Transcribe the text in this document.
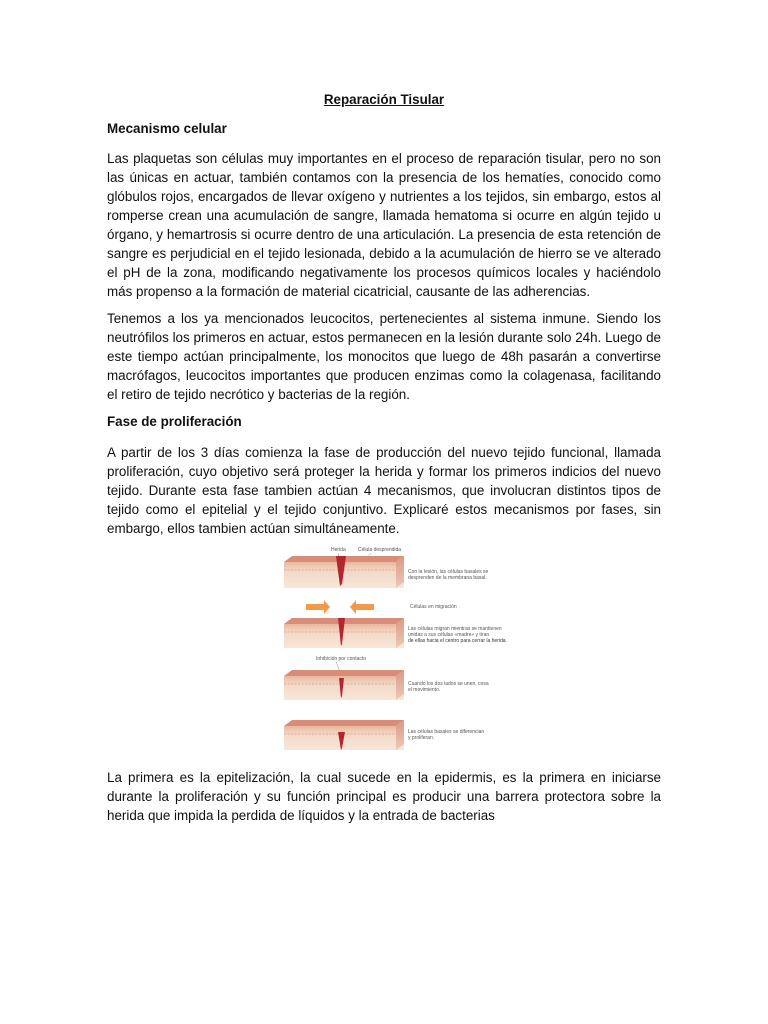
Reparación Tisular
Mecanismo celular

Las plaquetas son células muy importantes en el proceso de reparación tisular, pero no son las únicas en actuar, también contamos con la presencia de los hematíes, conocido como glóbulos rojos, encargados de llevar oxígeno y nutrientes a los tejidos, sin embargo, estos al romperse crean una acumulación de sangre, llamada hematoma si ocurre en algún tejido u órgano, y hemartrosis si ocurre dentro de una articulación. La presencia de esta retención de sangre es perjudicial en el tejido lesionada, debido a la acumulación de hierro se ve alterado el pH de la zona, modificando negativamente los procesos químicos locales y haciéndolo más propenso a la formación de material cicatricial, causante de las adherencias.

Tenemos a los ya mencionados leucocitos, pertenecientes al sistema inmune. Siendo los neutrófilos los primeros en actuar, estos permanecen en la lesión durante solo 24h. Luego de este tiempo actúan principalmente, los monocitos que luego de 48h pasarán a convertirse macrófagos, leucocitos importantes que producen enzimas como la colagenasa, facilitando el retiro de tejido necrótico y bacterias de la región.

Fase de proliferación

A partir de los 3 días comienza la fase de producción del nuevo tejido funcional, llamada proliferación, cuyo objetivo será proteger la herida y formar los primeros indicios del nuevo tejido. Durante esta fase tambien actúan 4 mecanismos, que involucran distintos tipos de tejido como el epitelial y el tejido conjuntivo. Explicaré estos mecanismos por fases, sin embargo, ellos tambien actúan simultáneamente.

Herida Célula desprendida
Con la lesión, las células basales se
desprenden de la membrana basal.
Células en migración
Las células migran mientras se mantienen
unidas a sus células «madre» y tiran
de ellas hacia el centro para cerrar la herida.
Inhibición por contacto
Cuando los dos lados se unen, cesa
el movimiento.
Las células basales se diferencian
y proliferan.

La primera es la epitelización, la cual sucede en la epidermis, es la primera en iniciarse durante la proliferación y su función principal es producir una barrera protectora sobre la herida que impida la perdida de líquidos y la entrada de bacterias
